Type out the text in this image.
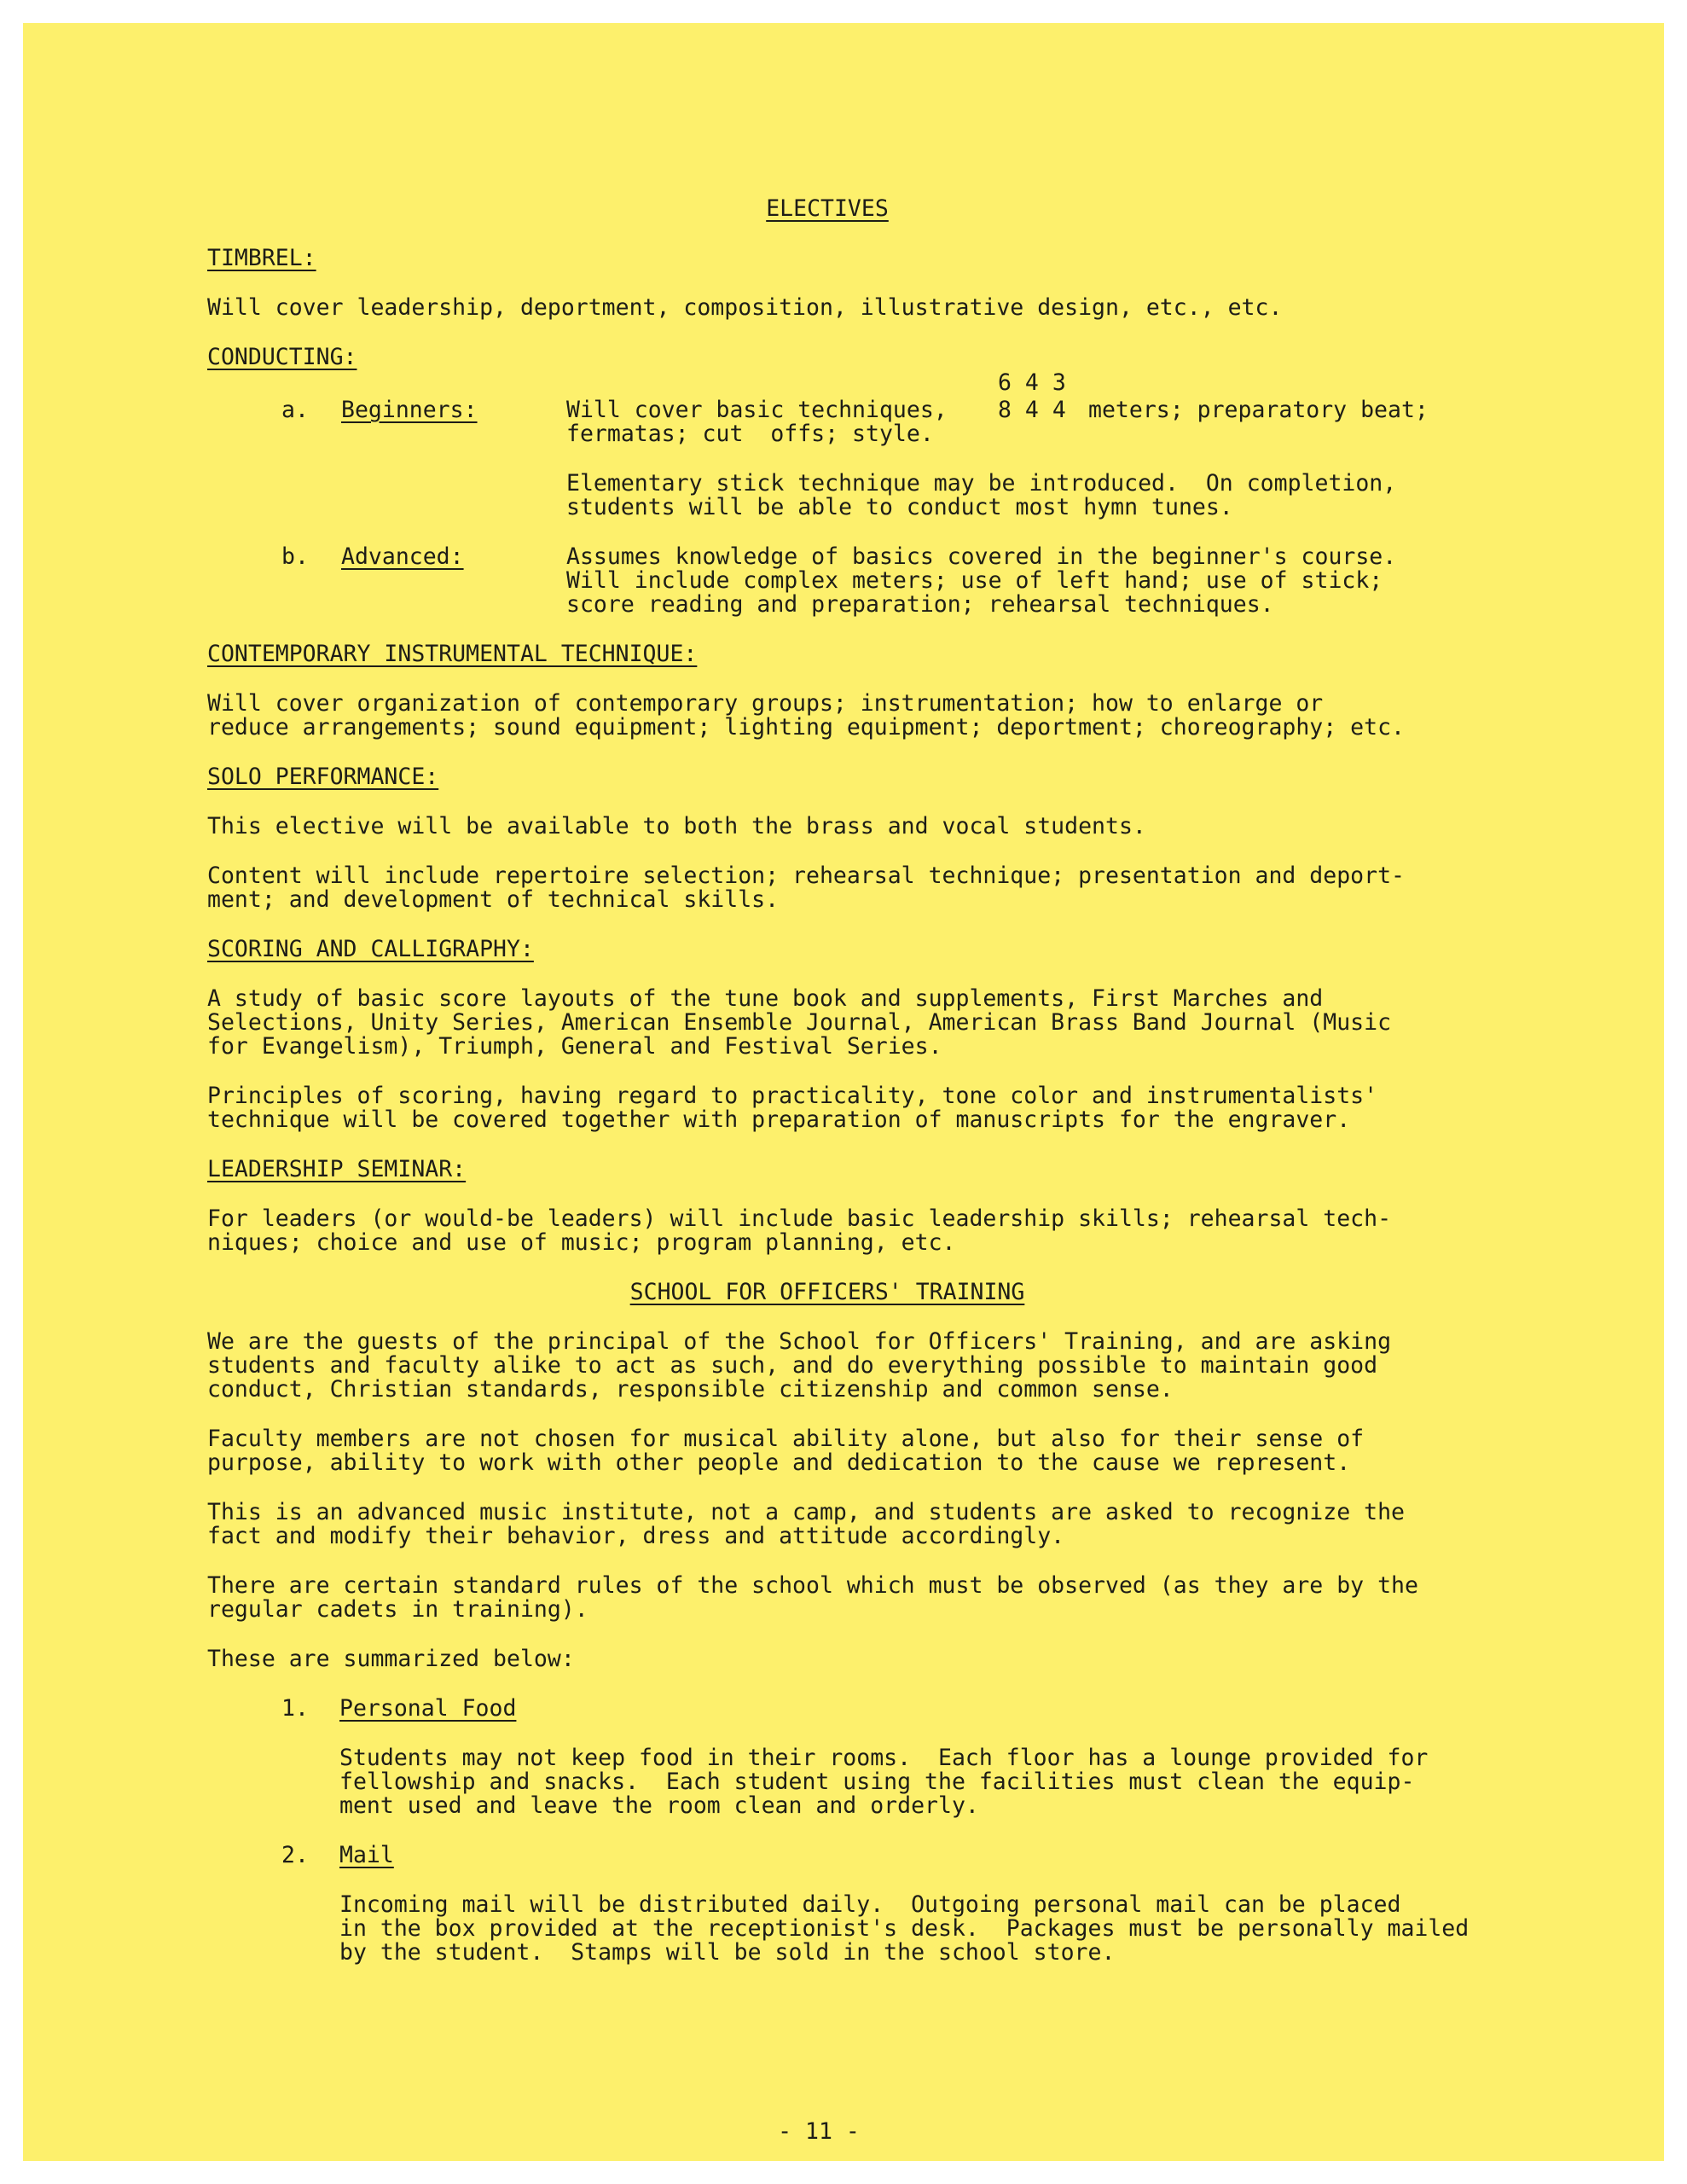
ELECTIVES
TIMBREL:
Will cover leadership, deportment, composition, illustrative design, etc., etc.
CONDUCTING:
6 4 3
a. Beginners:	Will cover basic techniques, 8 4 4 meters; preparatory beat;
fermatas; cut  offs; style.
Elementary stick technique may be introduced.  On completion,
students will be able to conduct most hymn tunes.
b. Advanced:	Assumes knowledge of basics covered in the beginner's course.
Will include complex meters; use of left hand; use of stick;
score reading and preparation; rehearsal techniques.
CONTEMPORARY INSTRUMENTAL TECHNIQUE:
Will cover organization of contemporary groups; instrumentation; how to enlarge or
reduce arrangements; sound equipment; lighting equipment; deportment; choreography; etc.
SOLO PERFORMANCE:
This elective will be available to both the brass and vocal students.
Content will include repertoire selection; rehearsal technique; presentation and deport-
ment; and development of technical skills.
SCORING AND CALLIGRAPHY:
A study of basic score layouts of the tune book and supplements, First Marches and
Selections, Unity Series, American Ensemble Journal, American Brass Band Journal (Music
for Evangelism), Triumph, General and Festival Series.
Principles of scoring, having regard to practicality, tone color and instrumentalists'
technique will be covered together with preparation of manuscripts for the engraver.
LEADERSHIP SEMINAR:
For leaders (or would-be leaders) will include basic leadership skills; rehearsal tech-
niques; choice and use of music; program planning, etc.
SCHOOL FOR OFFICERS' TRAINING
We are the guests of the principal of the School for Officers' Training, and are asking
students and faculty alike to act as such, and do everything possible to maintain good
conduct, Christian standards, responsible citizenship and common sense.
Faculty members are not chosen for musical ability alone, but also for their sense of
purpose, ability to work with other people and dedication to the cause we represent.
This is an advanced music institute, not a camp, and students are asked to recognize the
fact and modify their behavior, dress and attitude accordingly.
There are certain standard rules of the school which must be observed (as they are by the
regular cadets in training).
These are summarized below:
1. Personal Food
Students may not keep food in their rooms.  Each floor has a lounge provided for
fellowship and snacks.  Each student using the facilities must clean the equip-
ment used and leave the room clean and orderly.
2. Mail
Incoming mail will be distributed daily.  Outgoing personal mail can be placed
in the box provided at the receptionist's desk.  Packages must be personally mailed
by the student.  Stamps will be sold in the school store.
- 11 -
